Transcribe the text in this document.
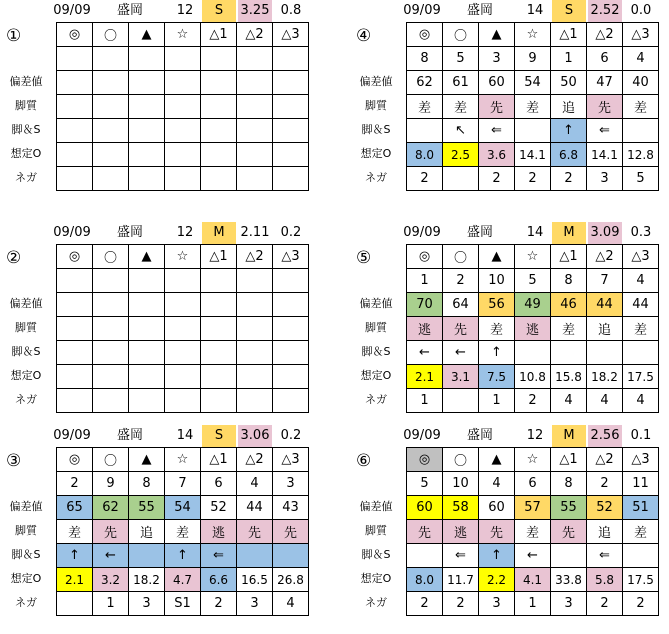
09/09	盛岡	12	S	3.25 0.8
①
偏差値
脚質
脚＆S
想定O
ネガ
◎	〇	▲	☆	△1	△2	△3

09/09	盛岡	14	S	2.52 0.0
④
偏差値
脚質
脚＆S
想定O
ネガ
◎	〇	▲	☆	△1	△2	△3
8	5	3	9	1	6	4
62	61	60	54	50	47	40
差	差	先	差	追	先	差
	↖	⇐		↑	⇐	
8.0	2.5	3.6	14.1	6.8	14.1	12.8
2		2	2	2	3	5
09/09	盛岡	12	M	2.11 0.2
②
偏差値
脚質
脚＆S
想定O
ネガ
◎	〇	▲	☆	△1	△2	△3

09/09	盛岡	14	M	3.09 0.3
⑤
偏差値
脚質
脚＆S
想定O
ネガ
◎	〇	▲	☆	△1	△2	△3
1	2	10	5	8	7	4
70	64	56	49	46	44	44
逃	先	差	逃	差	追	差
←	←	↑				
2.1	3.1	7.5	10.8	15.8	18.2	17.5
1		1	2	4	4	4
09/09	盛岡	14	S	3.06 0.2
③
偏差値
脚質
脚＆S
想定O
ネガ
◎	〇	▲	☆	△1	△2	△3
2	9	8	7	6	4	3
65	62	55	54	52	44	43
差	先	追	差	逃	先	先
↑	←		↑	⇐		
2.1	3.2	18.2	4.7	6.6	16.5	26.8
	1	3	S1	2	3	4
09/09	盛岡	12	M	2.56 0.1
⑥
偏差値
脚質
脚＆S
想定O
ネガ
◎	〇	▲	☆	△1	△2	△3
5	10	4	6	8	2	11
60	58	60	57	55	52	51
先	逃	先	差	先	追	差
	⇐	↑	←		⇐	
8.0	11.7	2.2	4.1	33.8	5.8	17.5
2	2	3	1	3	2	2
